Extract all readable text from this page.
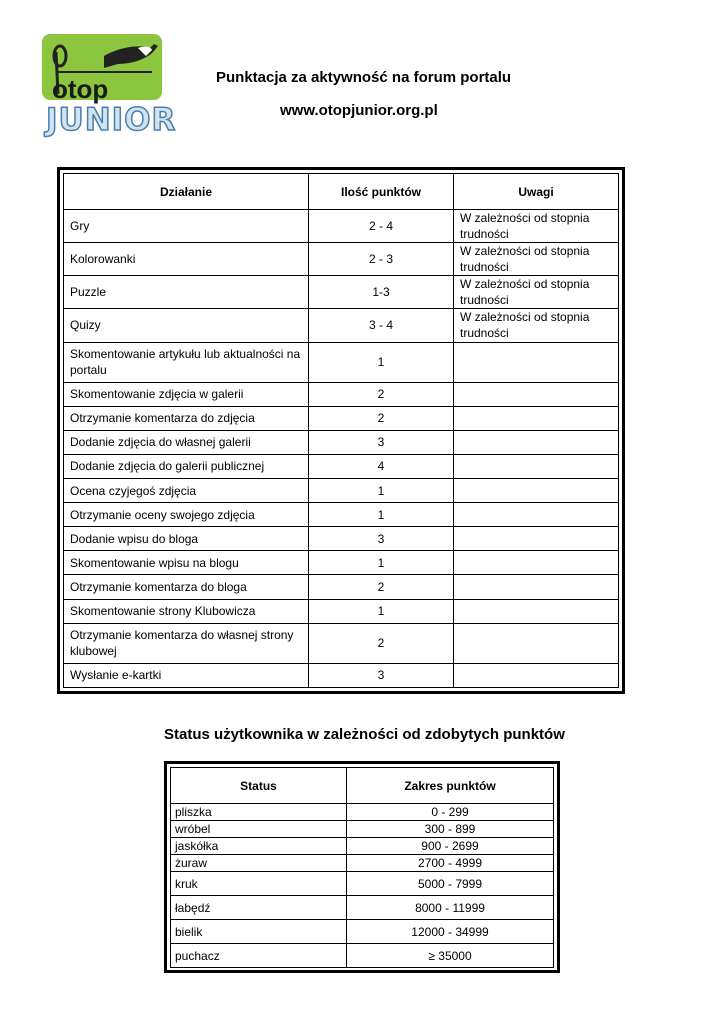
otop
JUNIOR
Punktacja za aktywność na forum portalu
www.otopjunior.org.pl
Działanie	Ilość punktów	Uwagi
Gry	2 - 4	W zależności od stopnia trudności
Kolorowanki	2 - 3	W zależności od stopnia trudności
Puzzle	1-3	W zależności od stopnia trudności
Quizy	3 - 4	W zależności od stopnia trudności
Skomentowanie artykułu lub aktualności na portalu	1	
Skomentowanie zdjęcia w galerii	2	
Otrzymanie komentarza do zdjęcia	2	
Dodanie zdjęcia do własnej galerii	3	
Dodanie zdjęcia do galerii publicznej	4	
Ocena czyjegoś zdjęcia	1	
Otrzymanie oceny swojego zdjęcia	1	
Dodanie wpisu do bloga	3	
Skomentowanie wpisu na blogu	1	
Otrzymanie komentarza do bloga	2	
Skomentowanie strony Klubowicza	1	
Otrzymanie komentarza do własnej strony klubowej	2	
Wysłanie e-kartki	3	
Status użytkownika w zależności od zdobytych punktów
Status	Zakres punktów
pliszka	0 - 299
wróbel	300 - 899
jaskółka	900 - 2699
żuraw	2700 - 4999
kruk	5000 - 7999
łabędź	8000 - 11999
bielik	12000 - 34999
puchacz	≥ 35000
